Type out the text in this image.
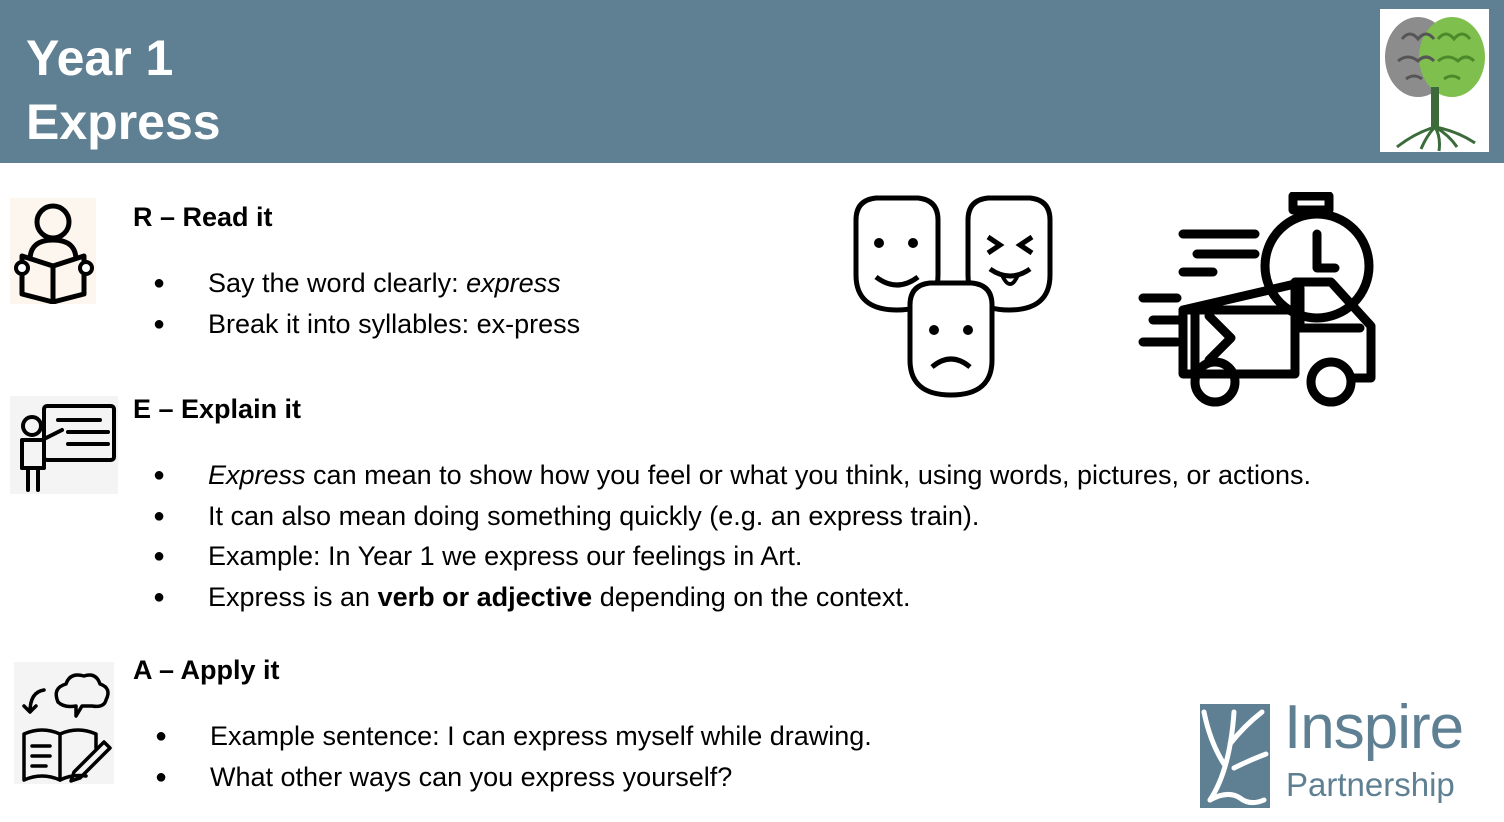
Year 1
Express
R – Read it
● Say the word clearly: express
● Break it into syllables: ex-press
E – Explain it
● Express can mean to show how you feel or what you think, using words, pictures, or actions.
● It can also mean doing something quickly (e.g. an express train).
● Example: In Year 1 we express our feelings in Art.
● Express is an verb or adjective depending on the context.
A – Apply it
● Example sentence: I can express myself while drawing.
● What other ways can you express yourself?
Inspire
Partnership
